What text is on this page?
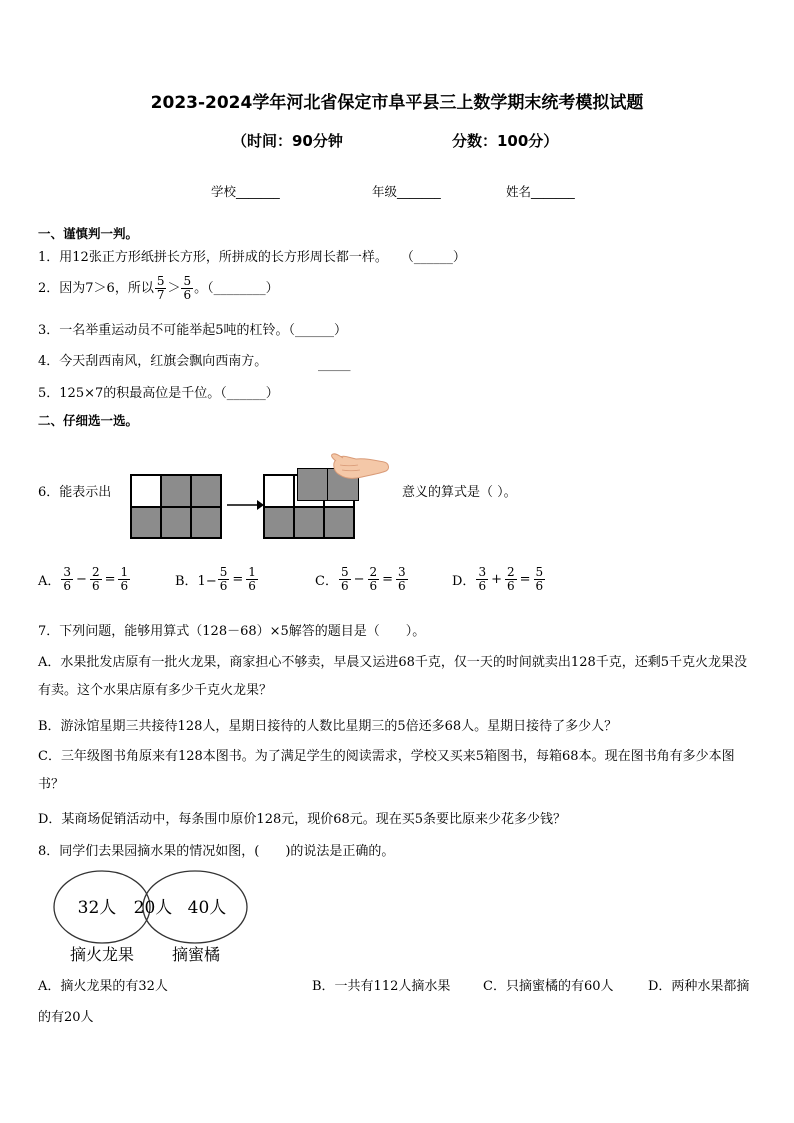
2023-2024学年河北省保定市阜平县三上数学期末统考模拟试题
（时间：90分钟	分数：100分）
学校_______	年级_______	姓名_______
一、谨慎判一判。
1．用12张正方形纸拼长方形，所拼成的长方形周长都一样。　　（______）
2．因为7＞6，所以 $\frac{5}{7} > \frac{5}{6}$ 。（________）
3．一名举重运动员不可能举起5吨的杠铃。（______）
4．今天刮西南风，红旗会飘向西南方。	_____
5．125×7的积最高位是千位。（______）
二、仔细选一选。
6．能表示出	意义的算式是（ ）。
A． $\frac{3}{6} - \frac{2}{6} = \frac{1}{6}$	B．$1- \frac{5}{6} = \frac{1}{6}$	C． $\frac{5}{6} - \frac{2}{6} = \frac{3}{6}$	D． $\frac{3}{6} + \frac{2}{6} = \frac{5}{6}$
7．下列问题，能够用算式（128－68）×5解答的题目是（　　）。
A．水果批发店原有一批火龙果，商家担心不够卖，早晨又运进68千克，仅一天的时间就卖出128千克，还剩5千克火龙果没有卖。这个水果店原有多少千克火龙果？
B．游泳馆星期三共接待128人，星期日接待的人数比星期三的5倍还多68人。星期日接待了多少人？
C．三年级图书角原来有128本图书。为了满足学生的阅读需求，学校又买来5箱图书，每箱68本。现在图书角有多少本图书？
D．某商场促销活动中，每条围巾原价128元，现价68元。现在买5条要比原来少花多少钱？
8．同学们去果园摘水果的情况如图，(　　)的说法是正确的。
32人 20人 40人
摘火龙果 摘蜜橘
A．摘火龙果的有32人	B．一共有112人摘水果	C．只摘蜜橘的有60人	D．两种水果都摘
的有20人
